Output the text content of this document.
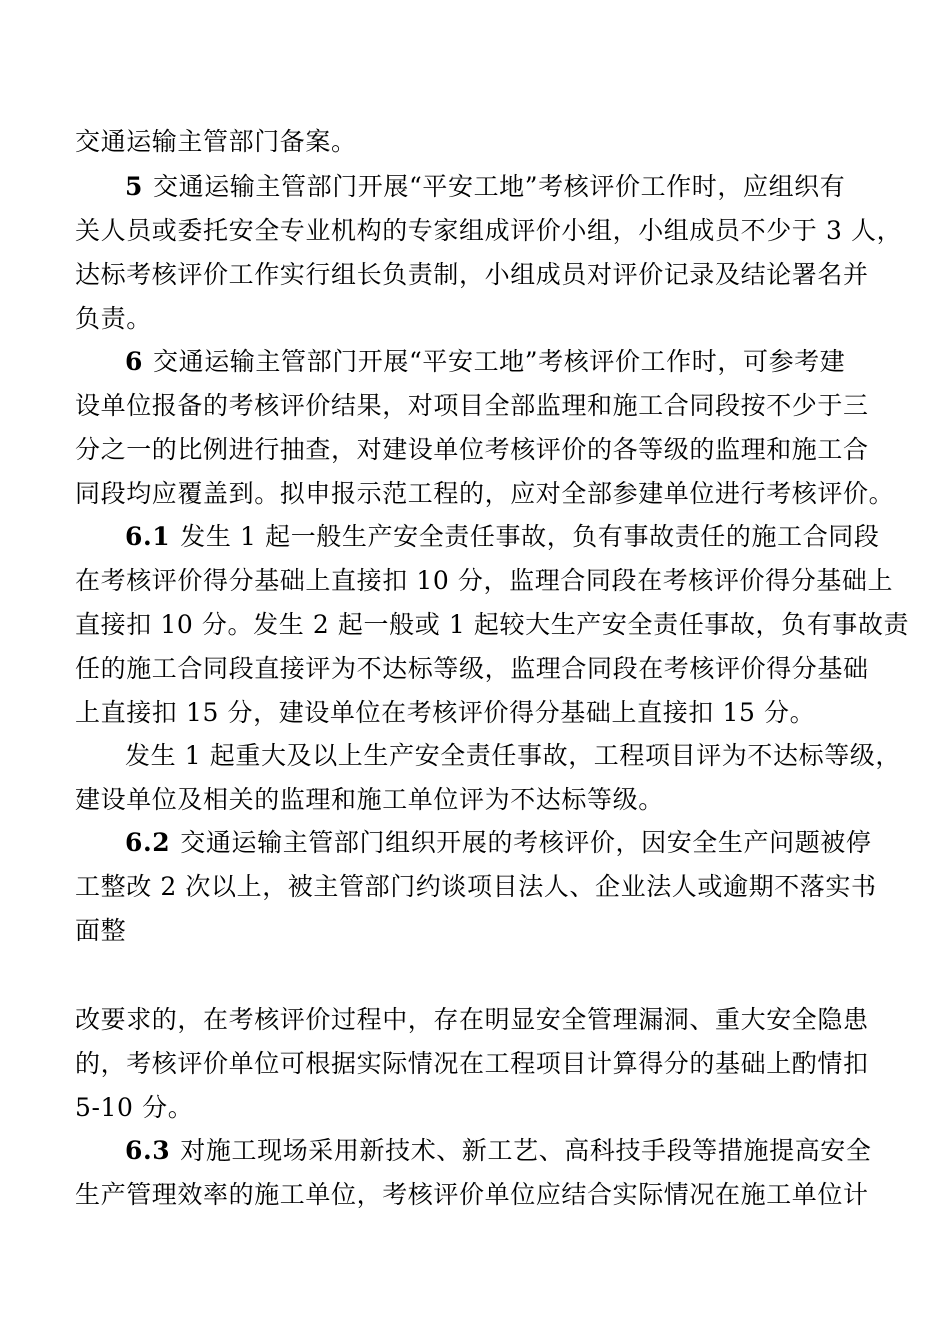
交通运输主管部门备案。
5 交通运输主管部门开展“平安工地”考核评价工作时，应组织有
关人员或委托安全专业机构的专家组成评价小组，小组成员不少于 3 人，
达标考核评价工作实行组长负责制，小组成员对评价记录及结论署名并
负责。
6 交通运输主管部门开展“平安工地”考核评价工作时，可参考建
设单位报备的考核评价结果，对项目全部监理和施工合同段按不少于三
分之一的比例进行抽查，对建设单位考核评价的各等级的监理和施工合
同段均应覆盖到。拟申报示范工程的，应对全部参建单位进行考核评价。
6.1 发生 1 起一般生产安全责任事故，负有事故责任的施工合同段
在考核评价得分基础上直接扣 10 分，监理合同段在考核评价得分基础上
直接扣 10 分。发生 2 起一般或 1 起较大生产安全责任事故，负有事故责
任的施工合同段直接评为不达标等级，监理合同段在考核评价得分基础
上直接扣 15 分，建设单位在考核评价得分基础上直接扣 15 分。
发生 1 起重大及以上生产安全责任事故，工程项目评为不达标等级，
建设单位及相关的监理和施工单位评为不达标等级。
6.2 交通运输主管部门组织开展的考核评价，因安全生产问题被停
工整改 2 次以上，被主管部门约谈项目法人、企业法人或逾期不落实书
面整
改要求的，在考核评价过程中，存在明显安全管理漏洞、重大安全隐患
的，考核评价单位可根据实际情况在工程项目计算得分的基础上酌情扣
5-10 分。
6.3 对施工现场采用新技术、新工艺、高科技手段等措施提高安全
生产管理效率的施工单位，考核评价单位应结合实际情况在施工单位计
